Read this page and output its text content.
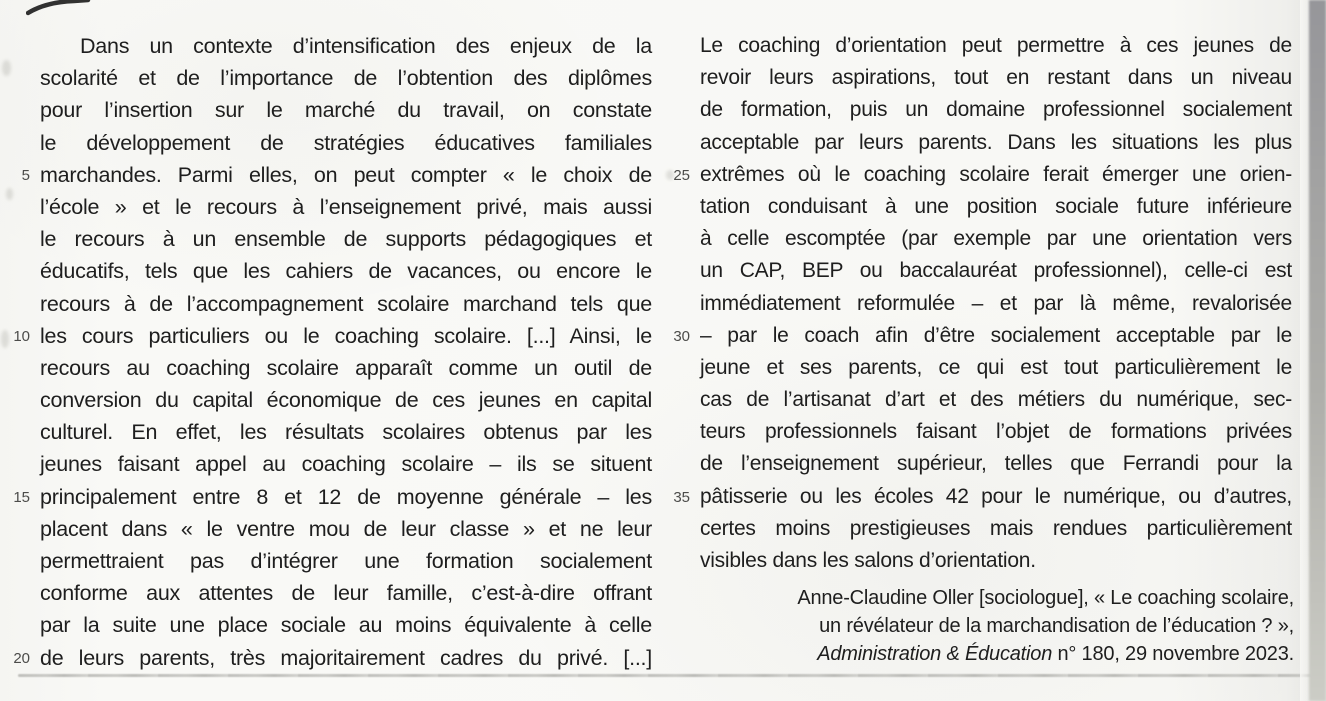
Dans un contexte d’intensification des enjeux de la
scolarité et de l’importance de l’obtention des diplômes
pour l’insertion sur le marché du travail, on constate
le développement de stratégies éducatives familiales
5 marchandes. Parmi elles, on peut compter « le choix de
l’école » et le recours à l’enseignement privé, mais aussi
le recours à un ensemble de supports pédagogiques et
éducatifs, tels que les cahiers de vacances, ou encore le
recours à de l’accompagnement scolaire marchand tels que
10 les cours particuliers ou le coaching scolaire. [...] Ainsi, le
recours au coaching scolaire apparaît comme un outil de
conversion du capital économique de ces jeunes en capital
culturel. En effet, les résultats scolaires obtenus par les
jeunes faisant appel au coaching scolaire – ils se situent
15 principalement entre 8 et 12 de moyenne générale – les
placent dans « le ventre mou de leur classe » et ne leur
permettraient pas d’intégrer une formation socialement
conforme aux attentes de leur famille, c’est-à-dire offrant
par la suite une place sociale au moins équivalente à celle
20 de leurs parents, très majoritairement cadres du privé. [...]
Le coaching d’orientation peut permettre à ces jeunes de
revoir leurs aspirations, tout en restant dans un niveau
de formation, puis un domaine professionnel socialement
acceptable par leurs parents. Dans les situations les plus
25 extrêmes où le coaching scolaire ferait émerger une orien-
tation conduisant à une position sociale future inférieure
à celle escomptée (par exemple par une orientation vers
un CAP, BEP ou baccalauréat professionnel), celle-ci est
immédiatement reformulée – et par là même, revalorisée
30 – par le coach afin d’être socialement acceptable par le
jeune et ses parents, ce qui est tout particulièrement le
cas de l’artisanat d’art et des métiers du numérique, sec-
teurs professionnels faisant l’objet de formations privées
de l’enseignement supérieur, telles que Ferrandi pour la
35 pâtisserie ou les écoles 42 pour le numérique, ou d’autres,
certes moins prestigieuses mais rendues particulièrement
visibles dans les salons d’orientation.
Anne-Claudine Oller [sociologue], « Le coaching scolaire,
un révélateur de la marchandisation de l’éducation ? »,
Administration & Éducation n° 180, 29 novembre 2023.
